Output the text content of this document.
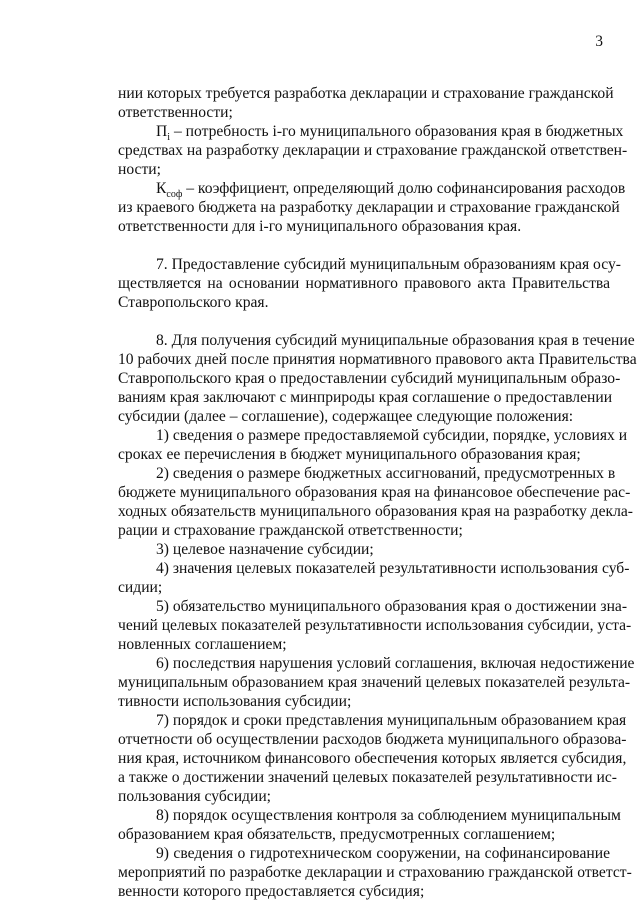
3
нии которых требуется разработка декларации и страхование гражданской
ответственности;
$П_i$ – потребность i-го муниципального образования края в бюджетных
средствах на разработку декларации и страхование гражданской ответствен-
ности;
$К_{соф}$ – коэффициент, определяющий долю софинансирования расходов
из краевого бюджета на разработку декларации и страхование гражданской
ответственности для i-го муниципального образования края.
7. Предоставление субсидий муниципальным образованиям края осу-
ществляется на основании нормативного правового акта Правительства
Ставропольского края.
8. Для получения субсидий муниципальные образования края в течение
10 рабочих дней после принятия нормативного правового акта Правительства
Ставропольского края о предоставлении субсидий муниципальным образо-
ваниям края заключают с минприроды края соглашение о предоставлении
субсидии (далее – соглашение), содержащее следующие положения:
1) сведения о размере предоставляемой субсидии, порядке, условиях и
сроках ее перечисления в бюджет муниципального образования края;
2) сведения о размере бюджетных ассигнований, предусмотренных в
бюджете муниципального образования края на финансовое обеспечение рас-
ходных обязательств муниципального образования края на разработку декла-
рации и страхование гражданской ответственности;
3) целевое назначение субсидии;
4) значения целевых показателей результативности использования суб-
сидии;
5) обязательство муниципального образования края о достижении зна-
чений целевых показателей результативности использования субсидии, уста-
новленных соглашением;
6) последствия нарушения условий соглашения, включая недостижение
муниципальным образованием края значений целевых показателей результа-
тивности использования субсидии;
7) порядок и сроки представления муниципальным образованием края
отчетности об осуществлении расходов бюджета муниципального образова-
ния края, источником финансового обеспечения которых является субсидия,
а также о достижении значений целевых показателей результативности ис-
пользования субсидии;
8) порядок осуществления контроля за соблюдением муниципальным
образованием края обязательств, предусмотренных соглашением;
9) сведения о гидротехническом сооружении, на софинансирование
мероприятий по разработке декларации и страхованию гражданской ответст-
венности которого предоставляется субсидия;
